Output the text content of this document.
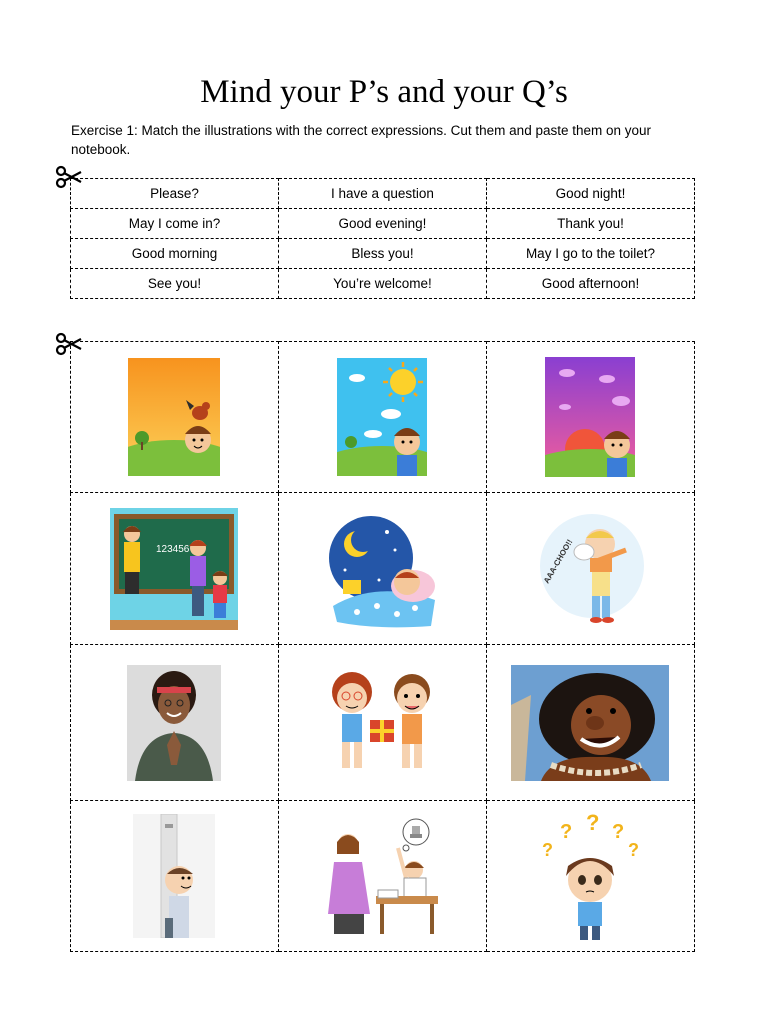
Mind your P’s and your Q’s
Exercise 1: Match the illustrations with the correct expressions. Cut them and paste them on your notebook.
Please?	I have a question	Good night!
May I come in?	Good evening!	Thank you!
Good morning	Bless you!	May I go to the toilet?
See you!	You’re welcome!	Good afternoon!

123456		AAA-CHOO!!

?
? ? ?
?
